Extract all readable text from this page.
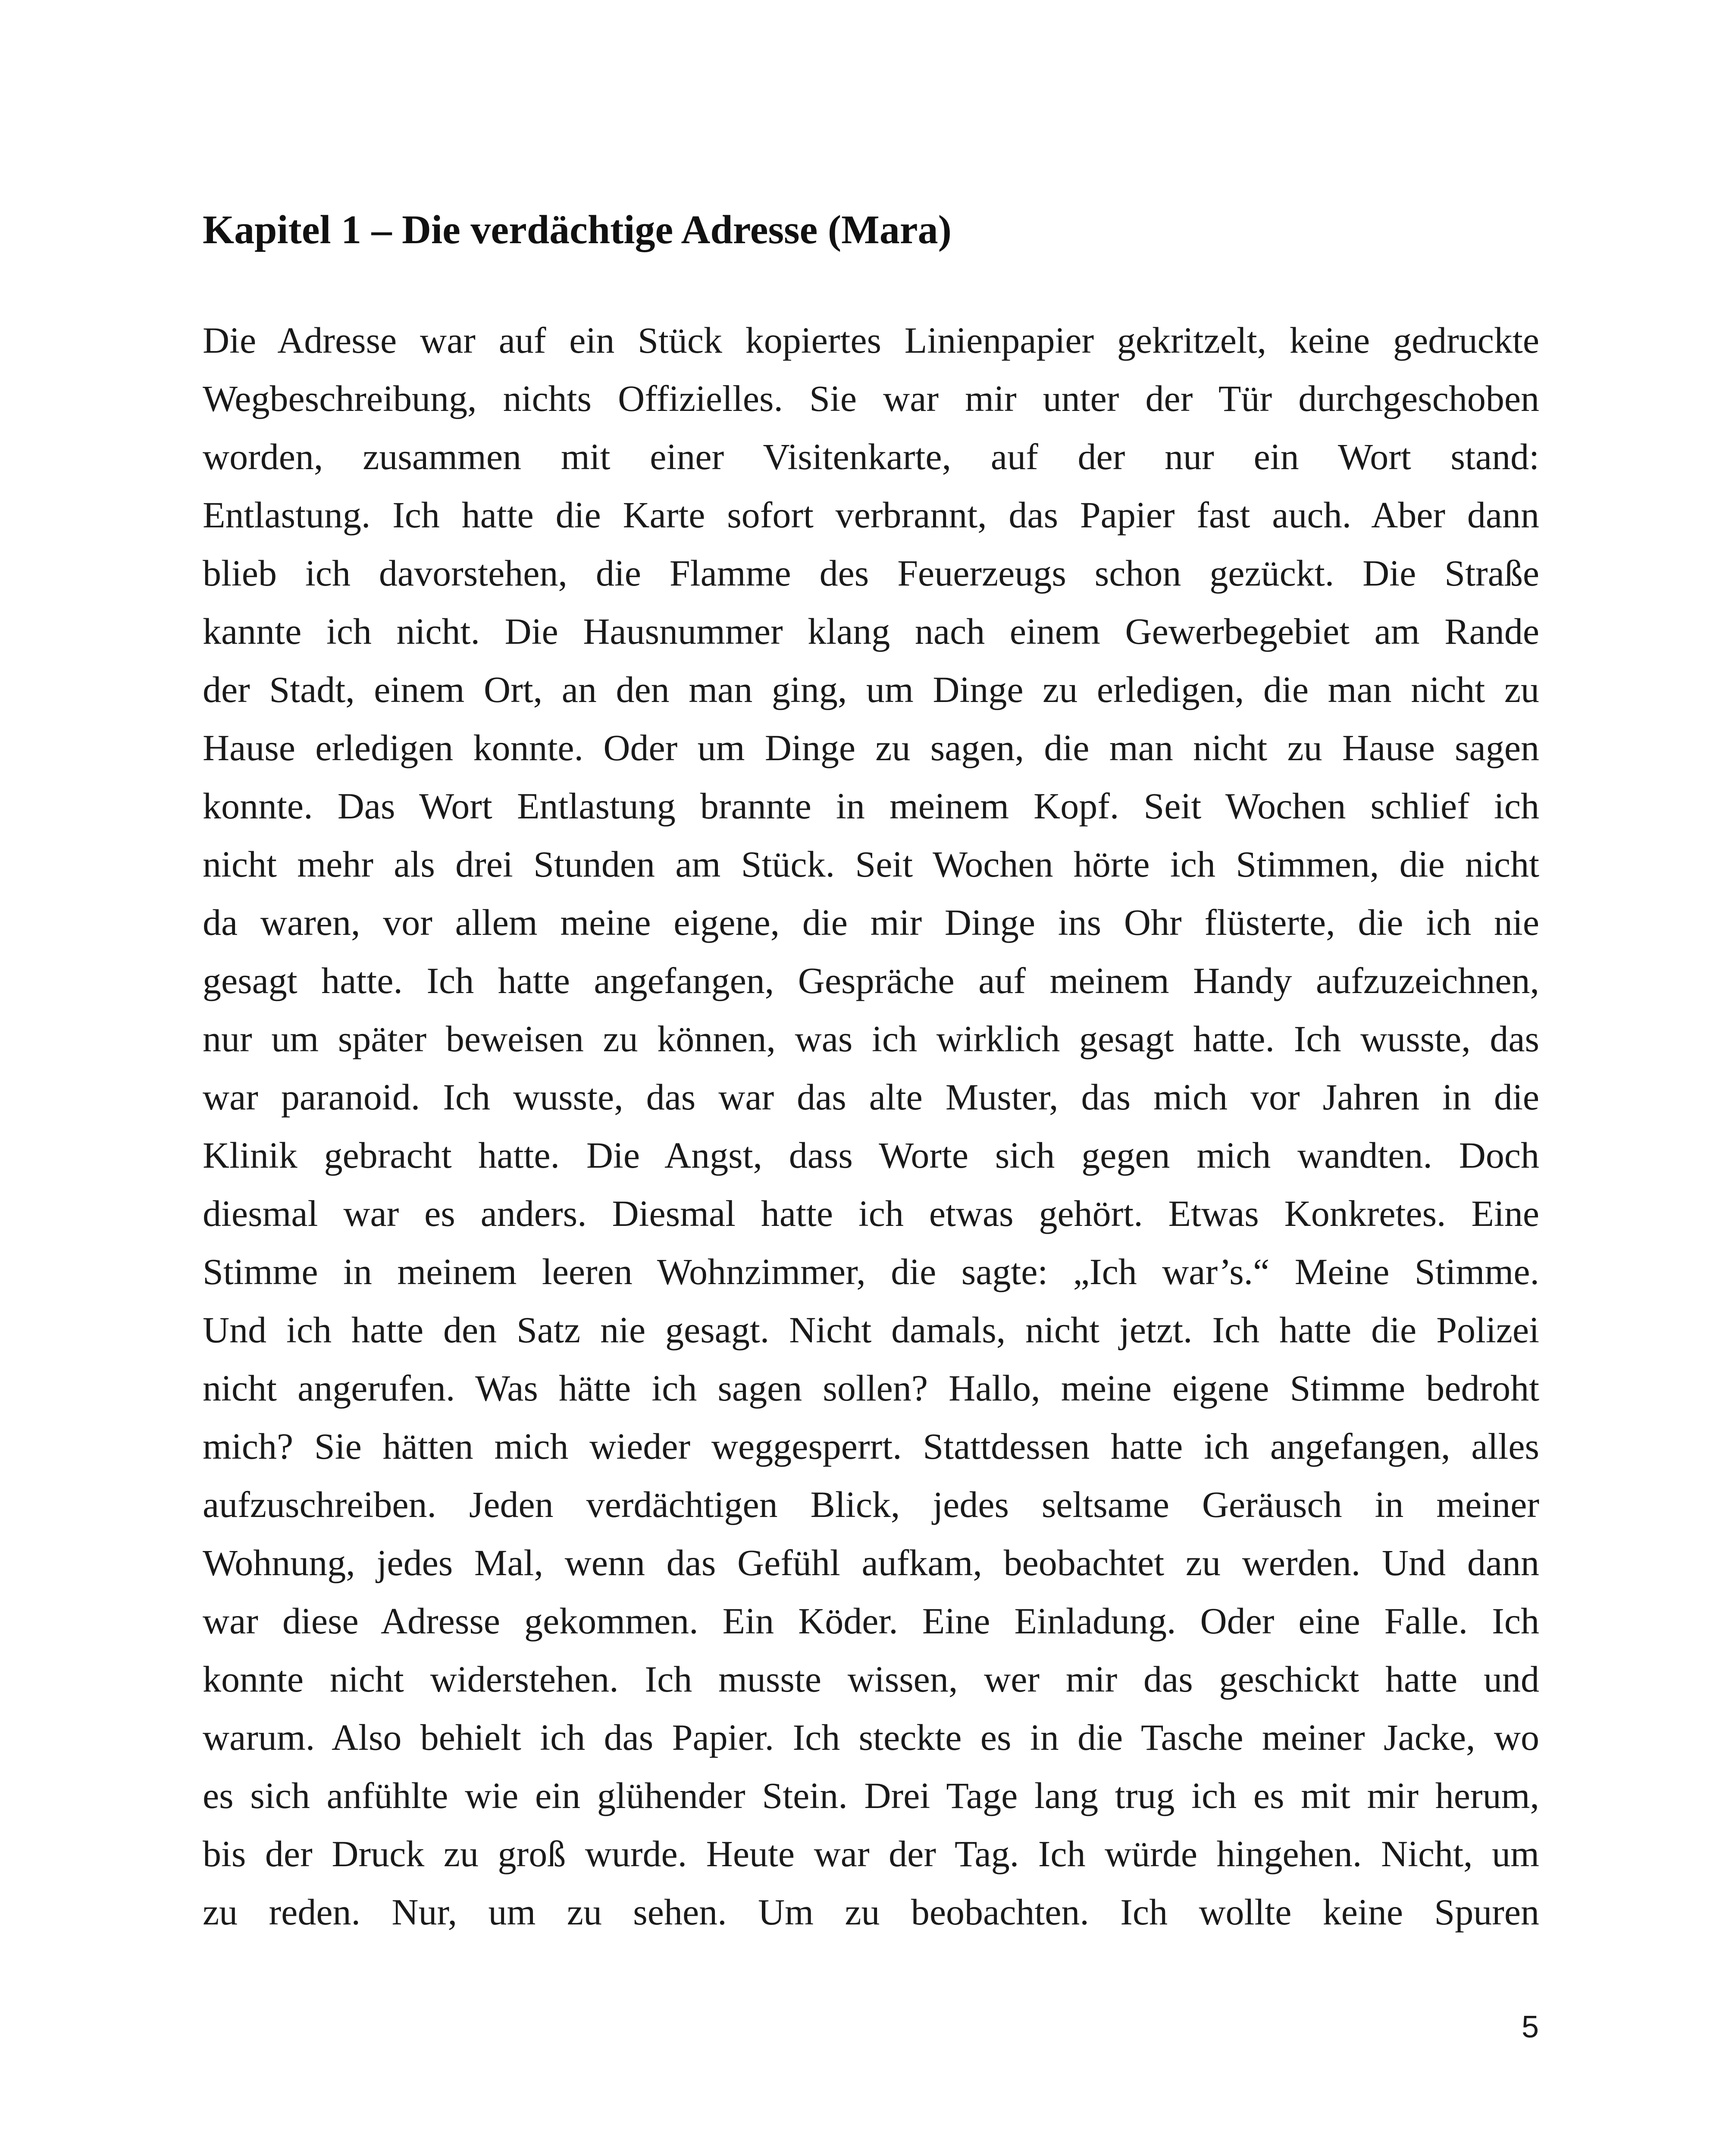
Kapitel 1 – Die verdächtige Adresse (Mara)
Die Adresse war auf ein Stück kopiertes Linienpapier gekritzelt, keine gedruckte
Wegbeschreibung, nichts Offizielles. Sie war mir unter der Tür durchgeschoben
worden, zusammen mit einer Visitenkarte, auf der nur ein Wort stand:
Entlastung. Ich hatte die Karte sofort verbrannt, das Papier fast auch. Aber dann
blieb ich davorstehen, die Flamme des Feuerzeugs schon gezückt. Die Straße
kannte ich nicht. Die Hausnummer klang nach einem Gewerbegebiet am Rande
der Stadt, einem Ort, an den man ging, um Dinge zu erledigen, die man nicht zu
Hause erledigen konnte. Oder um Dinge zu sagen, die man nicht zu Hause sagen
konnte. Das Wort Entlastung brannte in meinem Kopf. Seit Wochen schlief ich
nicht mehr als drei Stunden am Stück. Seit Wochen hörte ich Stimmen, die nicht
da waren, vor allem meine eigene, die mir Dinge ins Ohr flüsterte, die ich nie
gesagt hatte. Ich hatte angefangen, Gespräche auf meinem Handy aufzuzeichnen,
nur um später beweisen zu können, was ich wirklich gesagt hatte. Ich wusste, das
war paranoid. Ich wusste, das war das alte Muster, das mich vor Jahren in die
Klinik gebracht hatte. Die Angst, dass Worte sich gegen mich wandten. Doch
diesmal war es anders. Diesmal hatte ich etwas gehört. Etwas Konkretes. Eine
Stimme in meinem leeren Wohnzimmer, die sagte: „Ich war’s.“ Meine Stimme.
Und ich hatte den Satz nie gesagt. Nicht damals, nicht jetzt. Ich hatte die Polizei
nicht angerufen. Was hätte ich sagen sollen? Hallo, meine eigene Stimme bedroht
mich? Sie hätten mich wieder weggesperrt. Stattdessen hatte ich angefangen, alles
aufzuschreiben. Jeden verdächtigen Blick, jedes seltsame Geräusch in meiner
Wohnung, jedes Mal, wenn das Gefühl aufkam, beobachtet zu werden. Und dann
war diese Adresse gekommen. Ein Köder. Eine Einladung. Oder eine Falle. Ich
konnte nicht widerstehen. Ich musste wissen, wer mir das geschickt hatte und
warum. Also behielt ich das Papier. Ich steckte es in die Tasche meiner Jacke, wo
es sich anfühlte wie ein glühender Stein. Drei Tage lang trug ich es mit mir herum,
bis der Druck zu groß wurde. Heute war der Tag. Ich würde hingehen. Nicht, um
zu reden. Nur, um zu sehen. Um zu beobachten. Ich wollte keine Spuren

5
